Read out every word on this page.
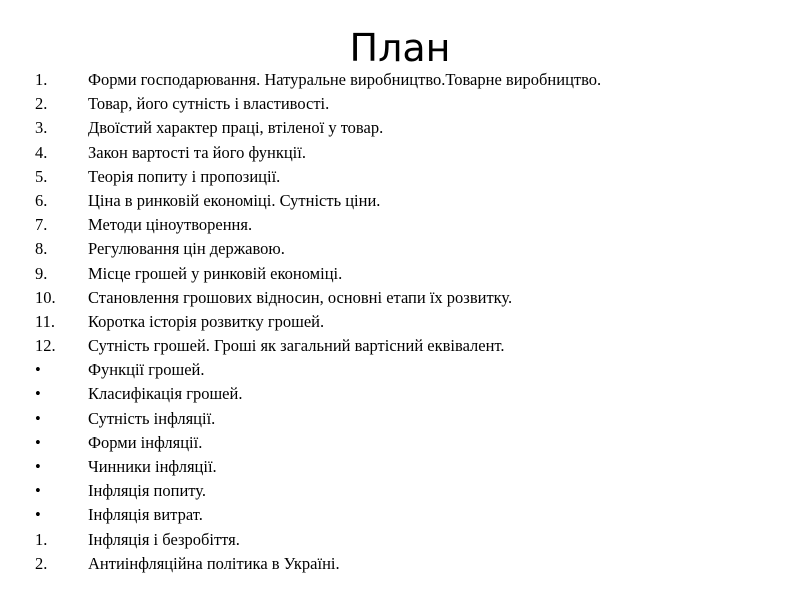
План
1. Форми господарювання. Натуральне виробництво.Товарне виробництво.
2. Товар, його сутність і властивості.
3. Двоїстий характер праці, втіленої у товар.
4. Закон вартості та його функції.
5. Теорія попиту і пропозиції.
6. Ціна в ринковій економіці. Сутність ціни.
7. Методи ціноутворення.
8. Регулювання цін державою.
9. Місце грошей у ринковій економіці.
10. Становлення грошових відносин, основні етапи їх розвитку.
11. Коротка історія розвитку грошей.
12. Сутність грошей. Гроші як загальний вартісний еквівалент.
•	Функції грошей.
•	Класифікація грошей.
•	Сутність інфляції.
•	Форми інфляції.
•	Чинники інфляції.
•	Інфляція попиту.
•	Інфляція витрат.
1. Інфляція і безробіття.
2. Антиінфляційна політика в Україні.
